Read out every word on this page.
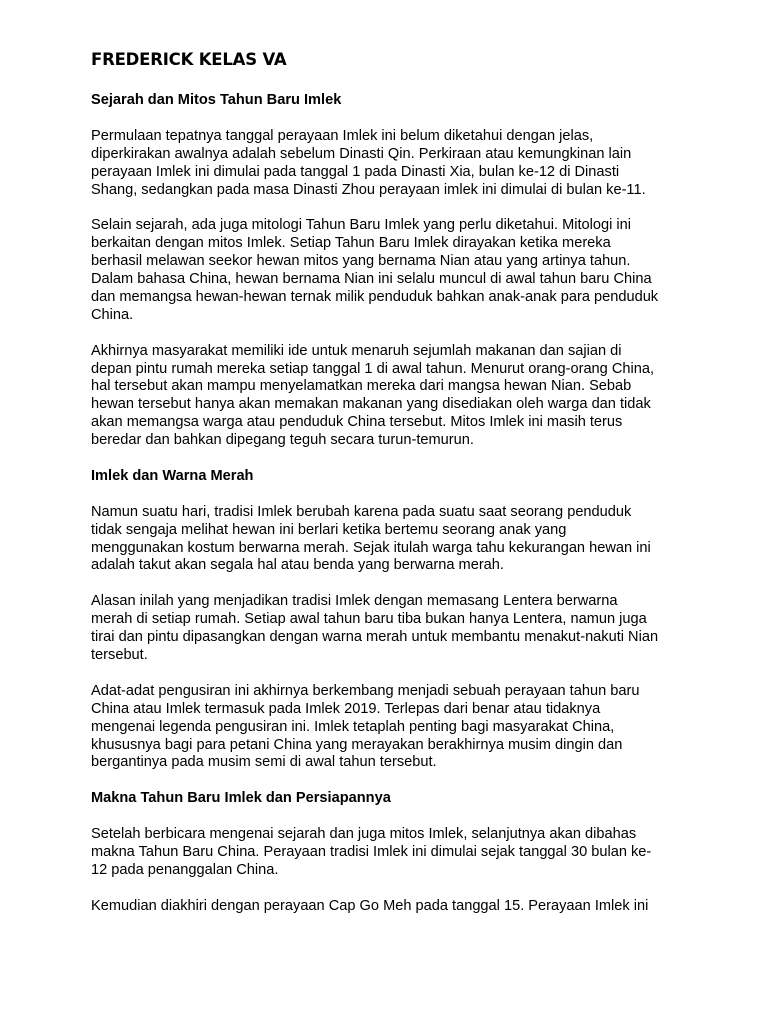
FREDERICK KELAS VA
Sejarah dan Mitos Tahun Baru Imlek

Permulaan tepatnya tanggal perayaan Imlek ini belum diketahui dengan jelas,
diperkirakan awalnya adalah sebelum Dinasti Qin. Perkiraan atau kemungkinan lain
perayaan Imlek ini dimulai pada tanggal 1 pada Dinasti Xia, bulan ke-12 di Dinasti
Shang, sedangkan pada masa Dinasti Zhou perayaan imlek ini dimulai di bulan ke-11.

Selain sejarah, ada juga mitologi Tahun Baru Imlek yang perlu diketahui. Mitologi ini
berkaitan dengan mitos Imlek. Setiap Tahun Baru Imlek dirayakan ketika mereka
berhasil melawan seekor hewan mitos yang bernama Nian atau yang artinya tahun.
Dalam bahasa China, hewan bernama Nian ini selalu muncul di awal tahun baru China
dan memangsa hewan-hewan ternak milik penduduk bahkan anak-anak para penduduk
China.

Akhirnya masyarakat memiliki ide untuk menaruh sejumlah makanan dan sajian di
depan pintu rumah mereka setiap tanggal 1 di awal tahun. Menurut orang-orang China,
hal tersebut akan mampu menyelamatkan mereka dari mangsa hewan Nian. Sebab
hewan tersebut hanya akan memakan makanan yang disediakan oleh warga dan tidak
akan memangsa warga atau penduduk China tersebut. Mitos Imlek ini masih terus
beredar dan bahkan dipegang teguh secara turun-temurun.

Imlek dan Warna Merah

Namun suatu hari, tradisi Imlek berubah karena pada suatu saat seorang penduduk
tidak sengaja melihat hewan ini berlari ketika bertemu seorang anak yang
menggunakan kostum berwarna merah. Sejak itulah warga tahu kekurangan hewan ini
adalah takut akan segala hal atau benda yang berwarna merah.

Alasan inilah yang menjadikan tradisi Imlek dengan memasang Lentera berwarna
merah di setiap rumah. Setiap awal tahun baru tiba bukan hanya Lentera, namun juga
tirai dan pintu dipasangkan dengan warna merah untuk membantu menakut-nakuti Nian
tersebut.

Adat-adat pengusiran ini akhirnya berkembang menjadi sebuah perayaan tahun baru
China atau Imlek termasuk pada Imlek 2019. Terlepas dari benar atau tidaknya
mengenai legenda pengusiran ini. Imlek tetaplah penting bagi masyarakat China,
khususnya bagi para petani China yang merayakan berakhirnya musim dingin dan
bergantinya pada musim semi di awal tahun tersebut.

Makna Tahun Baru Imlek dan Persiapannya

Setelah berbicara mengenai sejarah dan juga mitos Imlek, selanjutnya akan dibahas
makna Tahun Baru China. Perayaan tradisi Imlek ini dimulai sejak tanggal 30 bulan ke-
12 pada penanggalan China.

Kemudian diakhiri dengan perayaan Cap Go Meh pada tanggal 15. Perayaan Imlek ini
